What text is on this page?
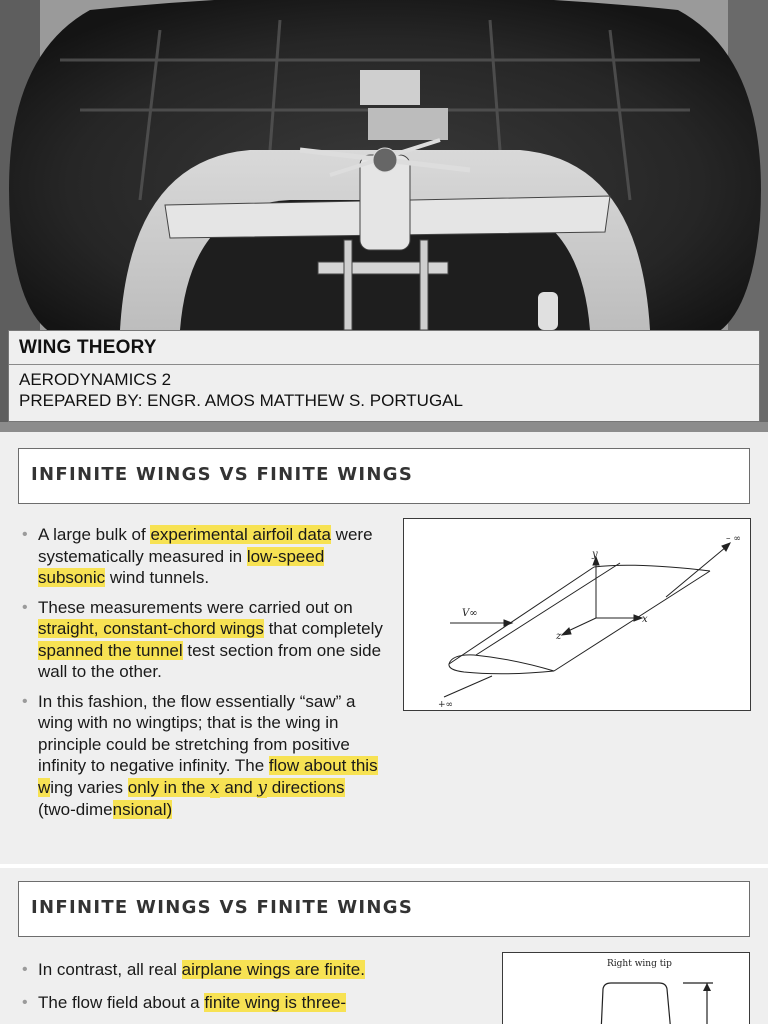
WING THEORY
AERODYNAMICS 2
PREPARED BY: ENGR. AMOS MATTHEW S. PORTUGAL
INFINITE WINGS VS FINITE WINGS
• A large bulk of experimental airfoil data were systematically measured in low-speed subsonic wind tunnels.
• These measurements were carried out on straight, constant-chord wings that completely spanned the tunnel test section from one side wall to the other.
• In this fashion, the flow essentially “saw” a wing with no wingtips; that is the wing in principle could be stretching from positive infinity to negative infinity. The flow about this wing varies only in the x and y directions (two-dimensional)
y
x
z
V∞
– ∞
+∞
INFINITE WINGS VS FINITE WINGS
• In contrast, all real airplane wings are finite.
• The flow field about a finite wing is three-
Right wing tip
